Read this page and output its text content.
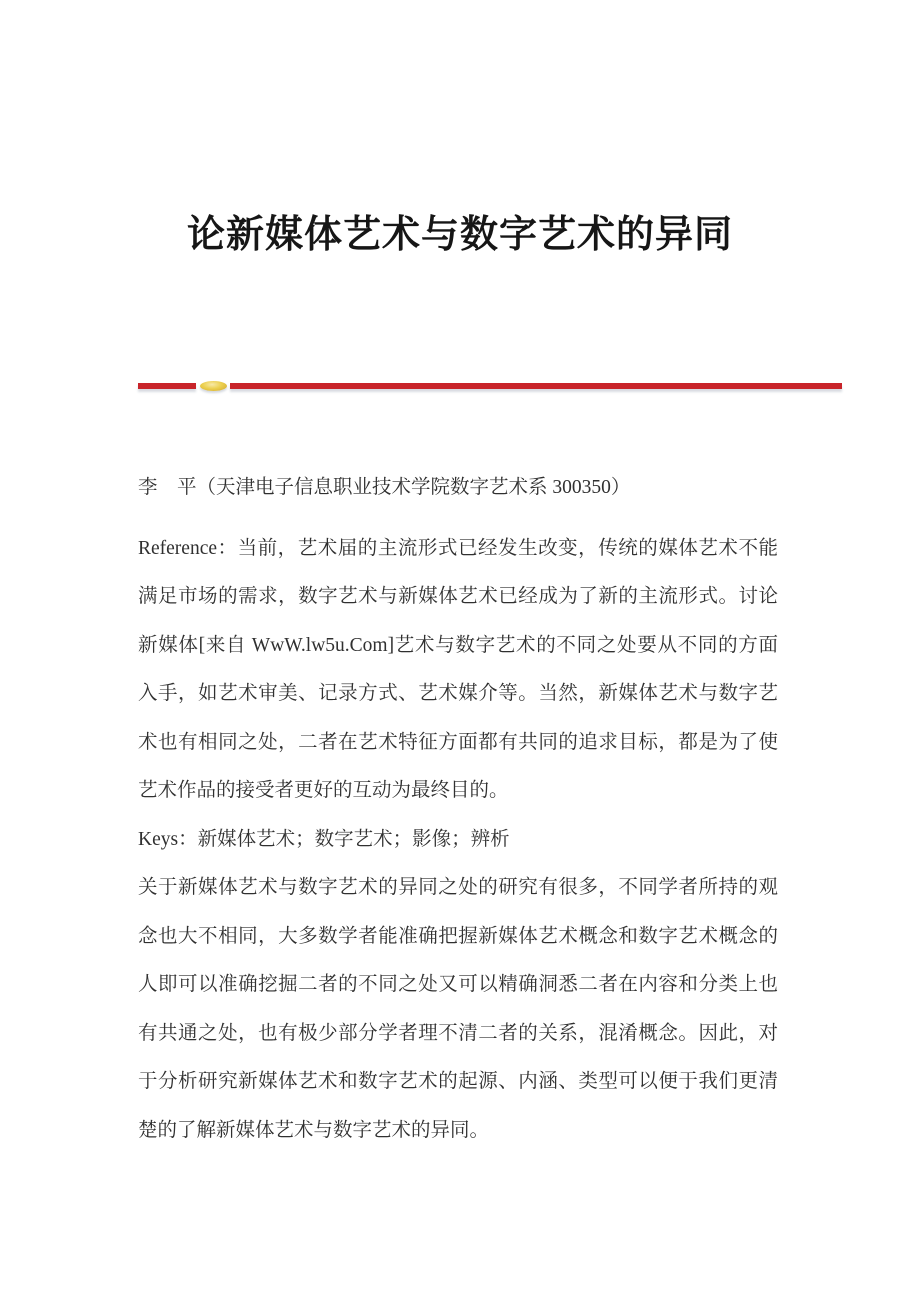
论新媒体艺术与数字艺术的异同

李　平（天津电子信息职业技术学院数字艺术系 300350）

Reference：当前，艺术届的主流形式已经发生改变，传统的媒体艺术不能满足市场的需求，数字艺术与新媒体艺术已经成为了新的主流形式。讨论新媒体[来自 WwW.lw5u.Com]艺术与数字艺术的不同之处要从不同的方面入手，如艺术审美、记录方式、艺术媒介等。当然，新媒体艺术与数字艺术也有相同之处，二者在艺术特征方面都有共同的追求目标，都是为了使艺术作品的接受者更好的互动为最终目的。

Keys：新媒体艺术；数字艺术；影像；辨析

关于新媒体艺术与数字艺术的异同之处的研究有很多，不同学者所持的观念也大不相同，大多数学者能准确把握新媒体艺术概念和数字艺术概念的人即可以准确挖掘二者的不同之处又可以精确洞悉二者在内容和分类上也有共通之处，也有极少部分学者理不清二者的关系，混淆概念。因此，对于分析研究新媒体艺术和数字艺术的起源、内涵、类型可以便于我们更清楚的了解新媒体艺术与数字艺术的异同。
